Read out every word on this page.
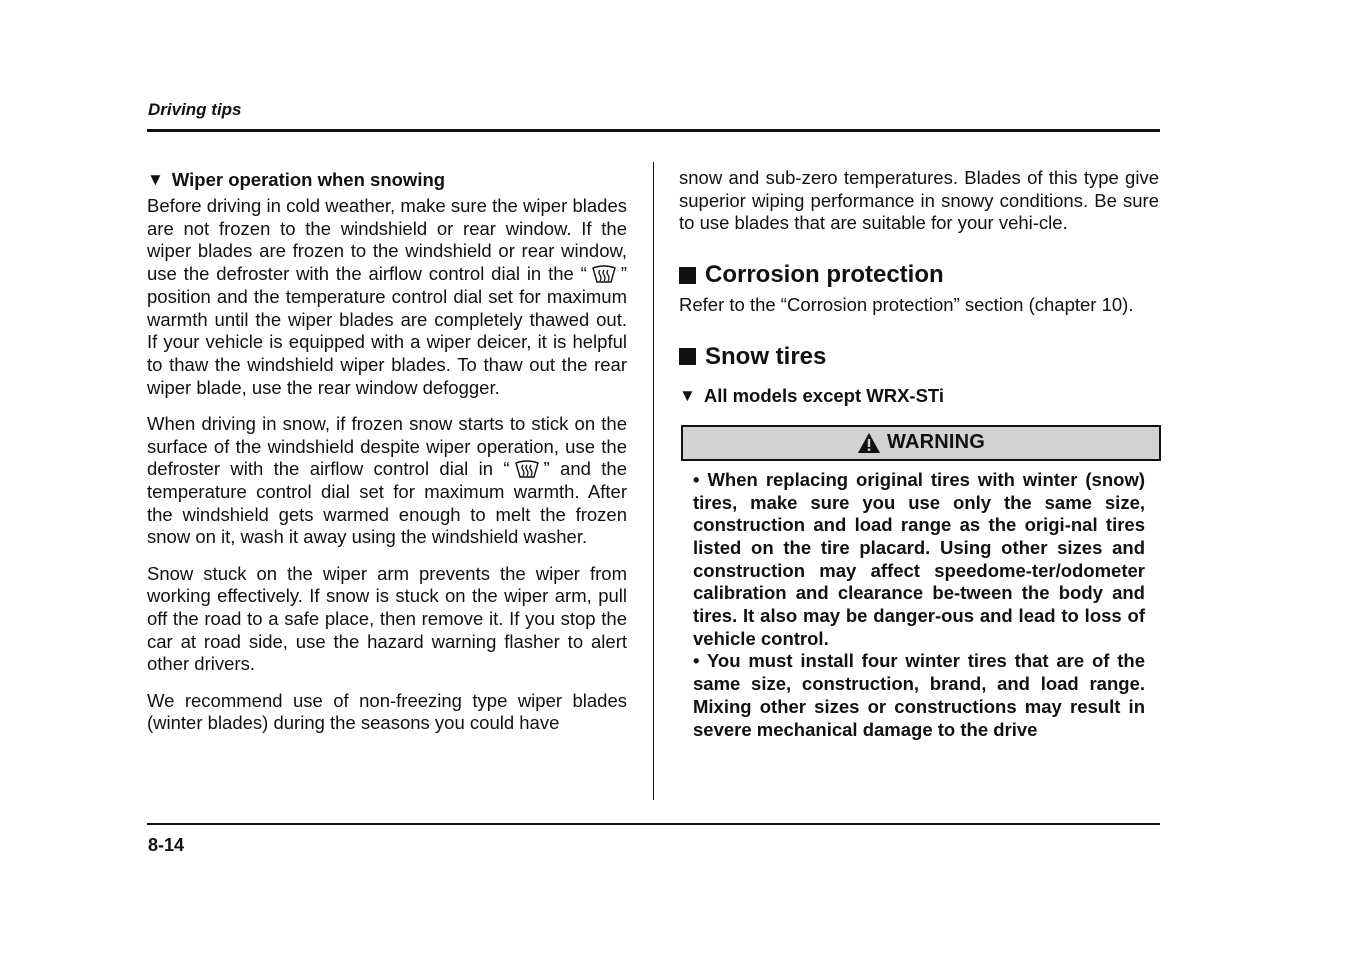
Driving tips
▼ Wiper operation when snowing

Before driving in cold weather, make sure the wiper blades are not frozen to the windshield or rear window. If the wiper blades are frozen to the windshield or rear window, use the defroster with the airflow control dial in the “ ” position and the temperature control dial set for maximum warmth until the wiper blades are completely thawed out. If your vehicle is equipped with a wiper deicer, it is helpful to thaw the windshield wiper blades. To thaw out the rear wiper blade, use the rear window defogger.

When driving in snow, if frozen snow starts to stick on the surface of the windshield despite wiper operation, use the defroster with the airflow control dial in “ ” and the temperature control dial set for maximum warmth. After the windshield gets warmed enough to melt the frozen snow on it, wash it away using the windshield washer.

Snow stuck on the wiper arm prevents the wiper from working effectively. If snow is stuck on the wiper arm, pull off the road to a safe place, then remove it. If you stop the car at road side, use the hazard warning flasher to alert other drivers.

We recommend use of non-freezing type wiper blades (winter blades) during the seasons you could have

snow and sub-zero temperatures. Blades of this type give superior wiping performance in snowy conditions. Be sure to use blades that are suitable for your vehi-cle.

Corrosion protection

Refer to the “Corrosion protection” section (chapter 10).

Snow tires
▼ All models except WRX-STi
WARNING

• When replacing original tires with winter (snow) tires, make sure you use only the same size, construction and load range as the origi-nal tires listed on the tire placard. Using other sizes and construction may affect speedome-ter/odometer calibration and clearance be-tween the body and tires. It also may be danger-ous and lead to loss of vehicle control.

• You must install four winter tires that are of the same size, construction, brand, and load range. Mixing other sizes or constructions may result in severe mechanical damage to the drive

8-14
